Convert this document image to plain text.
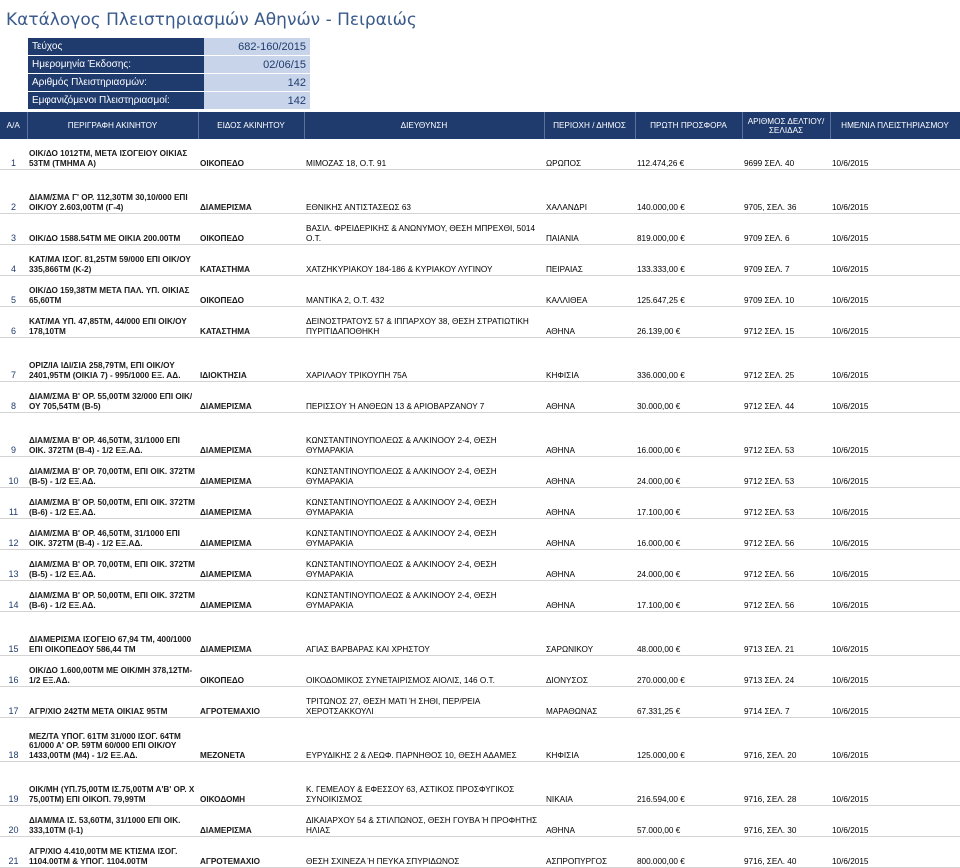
Κατάλογος Πλειστηριασμών Αθηνών - Πειραιώς
Τεύχος	682-160/2015
Ημερομηνία Έκδοσης:	02/06/15
Αριθμός Πλειστηριασμών:	142
Εμφανιζόμενοι Πλειστηριασμοί:	142
Α/Α	ΠΕΡΙΓΡΑΦΗ ΑΚΙΝΗΤΟΥ	ΕΙΔΟΣ ΑΚΙΝΗΤΟΥ	ΔΙΕΥΘΥΝΣΗ	ΠΕΡΙΟΧΗ / ΔΗΜΟΣ	ΠΡΩΤΗ ΠΡΟΣΦΟΡΑ	ΑΡΙΘΜΟΣ ΔΕΛΤΙΟΥ/ΣΕΛΙΔΑΣ	ΗΜΕ/ΝΙΑ ΠΛΕΙΣΤΗΡΙΑΣΜΟΥ
1	ΟΙΚ/ΔΟ 1012ΤΜ, ΜΕΤΑ ΙΣΟΓΕΙΟΥ ΟΙΚΙΑΣ 53ΤΜ (ΤΜΗΜΑ Α)	ΟΙΚΟΠΕΔΟ	ΜΙΜΟΖΑΣ 18, Ο.Τ. 91	ΩΡΩΠΟΣ	112.474,26 €	9699 ΣΕΛ. 40	10/6/2015
2	ΔΙΑΜ/ΣΜΑ Γ' ΟΡ. 112,30ΤΜ 30,10/000 ΕΠΙ ΟΙΚ/ΟΥ 2.603,00ΤΜ (Γ-4)	ΔΙΑΜΕΡΙΣΜΑ	ΕΘΝΙΚΗΣ ΑΝΤΙΣΤΑΣΕΩΣ 63	ΧΑΛΑΝΔΡΙ	140.000,00 €	9705, ΣΕΛ. 36	10/6/2015
3	ΟΙΚ/ΔΟ 1588.54ΤΜ ΜΕ ΟΙΚΙΑ 200.00ΤΜ	ΟΙΚΟΠΕΔΟ	ΒΑΣΙΛ. ΦΡΕΙΔΕΡΙΚΗΣ & ΑΝΩΝΥΜΟΥ, ΘΕΣΗ ΜΠΡΕΧΘΙ, 5014 Ο.Τ.	ΠΑΙΑΝΙΑ	819.000,00 €	9709 ΣΕΛ. 6	10/6/2015
4	ΚΑΤ/ΜΑ ΙΣΟΓ. 81,25ΤΜ 59/000 ΕΠΙ ΟΙΚ/ΟΥ 335,866ΤΜ (Κ-2)	ΚΑΤΑΣΤΗΜΑ	ΧΑΤΖΗΚΥΡΙΑΚΟΥ 184-186 & ΚΥΡΙΑΚΟΥ ΛΥΓΙΝΟΥ	ΠΕΙΡΑΙΑΣ	133.333,00 €	9709 ΣΕΛ. 7	10/6/2015
5	ΟΙΚ/ΔΟ 159,38ΤΜ ΜΕΤΑ ΠΑΛ. ΥΠ. ΟΙΚΙΑΣ 65,60ΤΜ	ΟΙΚΟΠΕΔΟ	ΜΑΝΤΙΚΑ 2, Ο.Τ. 432	ΚΑΛΛΙΘΕΑ	125.647,25 €	9709 ΣΕΛ. 10	10/6/2015
6	ΚΑΤ/ΜΑ ΥΠ. 47,85ΤΜ, 44/000 ΕΠΙ ΟΙΚ/ΟΥ 178,10ΤΜ	ΚΑΤΑΣΤΗΜΑ	ΔΕΙΝΟΣΤΡΑΤΟΥΣ 57 & ΙΠΠΑΡΧΟΥ 38, ΘΕΣΗ ΣΤΡΑΤΙΩΤΙΚΗ ΠΥΡΙΤΙΔΑΠΟΘΗΚΗ	ΑΘΗΝΑ	26.139,00 €	9712 ΣΕΛ. 15	10/6/2015
7	ΟΡΙΖ/ΙΑ ΙΔΙ/ΣΙΑ 258,79ΤΜ, ΕΠΙ ΟΙΚ/ΟΥ 2401,95ΤΜ (ΟΙΚΙΑ 7) - 995/1000 ΕΞ. ΑΔ.	ΙΔΙΟΚΤΗΣΙΑ	ΧΑΡΙΛΑΟΥ ΤΡΙΚΟΥΠΗ 75Α	ΚΗΦΙΣΙΑ	336.000,00 €	9712 ΣΕΛ. 25	10/6/2015
8	ΔΙΑΜ/ΣΜΑ Β' ΟΡ. 55,00ΤΜ 32/000 ΕΠΙ ΟΙΚ/ΟΥ 705,54ΤΜ (Β-5)	ΔΙΑΜΕΡΙΣΜΑ	ΠΕΡΙΣΣΟΥ Ή ΑΝΘΕΩΝ 13 & ΑΡΙΟΒΑΡΖΑΝΟΥ 7	ΑΘΗΝΑ	30.000,00 €	9712 ΣΕΛ. 44	10/6/2015
9	ΔΙΑΜ/ΣΜΑ Β' ΟΡ. 46,50ΤΜ, 31/1000 ΕΠΙ ΟΙΚ. 372ΤΜ (Β-4) - 1/2 ΕΞ.ΑΔ.	ΔΙΑΜΕΡΙΣΜΑ	ΚΩΝΣΤΑΝΤΙΝΟΥΠΟΛΕΩΣ & ΑΛΚΙΝΟΟΥ 2-4, ΘΕΣΗ ΘΥΜΑΡΑΚΙΑ	ΑΘΗΝΑ	16.000,00 €	9712 ΣΕΛ. 53	10/6/2015
10	ΔΙΑΜ/ΣΜΑ Β' ΟΡ. 70,00ΤΜ, ΕΠΙ ΟΙΚ. 372ΤΜ (Β-5) - 1/2 ΕΞ.ΑΔ.	ΔΙΑΜΕΡΙΣΜΑ	ΚΩΝΣΤΑΝΤΙΝΟΥΠΟΛΕΩΣ & ΑΛΚΙΝΟΟΥ 2-4, ΘΕΣΗ ΘΥΜΑΡΑΚΙΑ	ΑΘΗΝΑ	24.000,00 €	9712 ΣΕΛ. 53	10/6/2015
11	ΔΙΑΜ/ΣΜΑ Β' ΟΡ. 50,00ΤΜ, ΕΠΙ ΟΙΚ. 372ΤΜ (Β-6) - 1/2 ΕΞ.ΑΔ.	ΔΙΑΜΕΡΙΣΜΑ	ΚΩΝΣΤΑΝΤΙΝΟΥΠΟΛΕΩΣ & ΑΛΚΙΝΟΟΥ 2-4, ΘΕΣΗ ΘΥΜΑΡΑΚΙΑ	ΑΘΗΝΑ	17.100,00 €	9712 ΣΕΛ. 53	10/6/2015
12	ΔΙΑΜ/ΣΜΑ Β' ΟΡ. 46,50ΤΜ, 31/1000 ΕΠΙ ΟΙΚ. 372ΤΜ (Β-4) - 1/2 ΕΞ.ΑΔ.	ΔΙΑΜΕΡΙΣΜΑ	ΚΩΝΣΤΑΝΤΙΝΟΥΠΟΛΕΩΣ & ΑΛΚΙΝΟΟΥ 2-4, ΘΕΣΗ ΘΥΜΑΡΑΚΙΑ	ΑΘΗΝΑ	16.000,00 €	9712 ΣΕΛ. 56	10/6/2015
13	ΔΙΑΜ/ΣΜΑ Β' ΟΡ. 70,00ΤΜ, ΕΠΙ ΟΙΚ. 372ΤΜ (Β-5) - 1/2 ΕΞ.ΑΔ.	ΔΙΑΜΕΡΙΣΜΑ	ΚΩΝΣΤΑΝΤΙΝΟΥΠΟΛΕΩΣ & ΑΛΚΙΝΟΟΥ 2-4, ΘΕΣΗ ΘΥΜΑΡΑΚΙΑ	ΑΘΗΝΑ	24.000,00 €	9712 ΣΕΛ. 56	10/6/2015
14	ΔΙΑΜ/ΣΜΑ Β' ΟΡ. 50,00ΤΜ, ΕΠΙ ΟΙΚ. 372ΤΜ (Β-6) - 1/2 ΕΞ.ΑΔ.	ΔΙΑΜΕΡΙΣΜΑ	ΚΩΝΣΤΑΝΤΙΝΟΥΠΟΛΕΩΣ & ΑΛΚΙΝΟΟΥ 2-4, ΘΕΣΗ ΘΥΜΑΡΑΚΙΑ	ΑΘΗΝΑ	17.100,00 €	9712 ΣΕΛ. 56	10/6/2015
15	ΔΙΑΜΕΡΙΣΜΑ ΙΣΟΓΕΙΟ 67,94 ΤΜ, 400/1000 ΕΠΙ ΟΙΚΟΠΕΔΟΥ 586,44 ΤΜ	ΔΙΑΜΕΡΙΣΜΑ	ΑΓΙΑΣ ΒΑΡΒΑΡΑΣ ΚΑΙ ΧΡΗΣΤΟΥ	ΣΑΡΩΝΙΚΟΥ	48.000,00 €	9713 ΣΕΛ. 21	10/6/2015
16	ΟΙΚ/ΔΟ 1.600,00ΤΜ ΜΕ ΟΙΚ/ΜΗ 378,12ΤΜ- 1/2 ΕΞ.ΑΔ.	ΟΙΚΟΠΕΔΟ	ΟΙΚΟΔΟΜΙΚΟΣ ΣΥΝΕΤΑΙΡΙΣΜΟΣ ΑΙΟΛΙΣ, 146 Ο.Τ.	ΔΙΟΝΥΣΟΣ	270.000,00 €	9713 ΣΕΛ. 24	10/6/2015
17	ΑΓΡ/ΧΙΟ 242ΤΜ ΜΕΤΑ ΟΙΚΙΑΣ 95ΤΜ	ΑΓΡΟΤΕΜΑΧΙΟ	ΤΡΙΤΩΝΟΣ 27, ΘΕΣΗ ΜΑΤΙ Ή ΣΗΘΙ, ΠΕΡ/ΡΕΙΑ ΧΕΡΟΤΣΑΚΚΟΥΛΙ	ΜΑΡΑΘΩΝΑΣ	67.331,25 €	9714 ΣΕΛ. 7	10/6/2015
18	ΜΕΖ/ΤΑ ΥΠΟΓ. 61ΤΜ 31/000 ΙΣΟΓ. 64ΤΜ 61/000 Α' ΟΡ. 59ΤΜ 60/000 ΕΠΙ ΟΙΚ/ΟΥ 1433,00ΤΜ (Μ4) - 1/2 ΕΞ.ΑΔ.	ΜΕΖΟΝΕΤΑ	ΕΥΡΥΔΙΚΗΣ 2 & ΛΕΩΦ. ΠΑΡΝΗΘΟΣ 10, ΘΕΣΗ ΑΔΑΜΕΣ	ΚΗΦΙΣΙΑ	125.000,00 €	9716, ΣΕΛ. 20	10/6/2015
19	ΟΙΚ/ΜΗ (ΥΠ.75,00ΤΜ ΙΣ.75,00ΤΜ Α'Β' ΟΡ. Χ 75,00ΤΜ) ΕΠΙ ΟΙΚΟΠ. 79,99ΤΜ	ΟΙΚΟΔΟΜΗ	Κ. ΓΕΜΕΛΟΥ & ΕΦΕΣΣΟΥ 63, ΑΣΤΙΚΟΣ ΠΡΟΣΦΥΓΙΚΟΣ ΣΥΝΟΙΚΙΣΜΟΣ	ΝΙΚΑΙΑ	216.594,00 €	9716, ΣΕΛ. 28	10/6/2015
20	ΔΙΑΜ/ΜΑ ΙΣ. 53,60ΤΜ, 31/1000 ΕΠΙ ΟΙΚ. 333,10ΤΜ (Ι-1)	ΔΙΑΜΕΡΙΣΜΑ	ΔΙΚΑΙΑΡΧΟΥ 54 & ΣΤΙΛΠΩΝΟΣ, ΘΕΣΗ ΓΟΥΒΑ Ή ΠΡΟΦΗΤΗΣ ΗΛΙΑΣ	ΑΘΗΝΑ	57.000,00 €	9716, ΣΕΛ. 30	10/6/2015
21	ΑΓΡ/ΧΙΟ 4.410,00ΤΜ ΜΕ ΚΤΙΣΜΑ ΙΣΟΓ. 1104.00ΤΜ & ΥΠΟΓ. 1104.00ΤΜ	ΑΓΡΟΤΕΜΑΧΙΟ	ΘΕΣΗ ΣΧΙΝΕΖΑ Ή ΠΕΥΚΑ ΣΠΥΡΙΔΩΝΟΣ	ΑΣΠΡΟΠΥΡΓΟΣ	800.000,00 €	9716, ΣΕΛ. 40	10/6/2015
